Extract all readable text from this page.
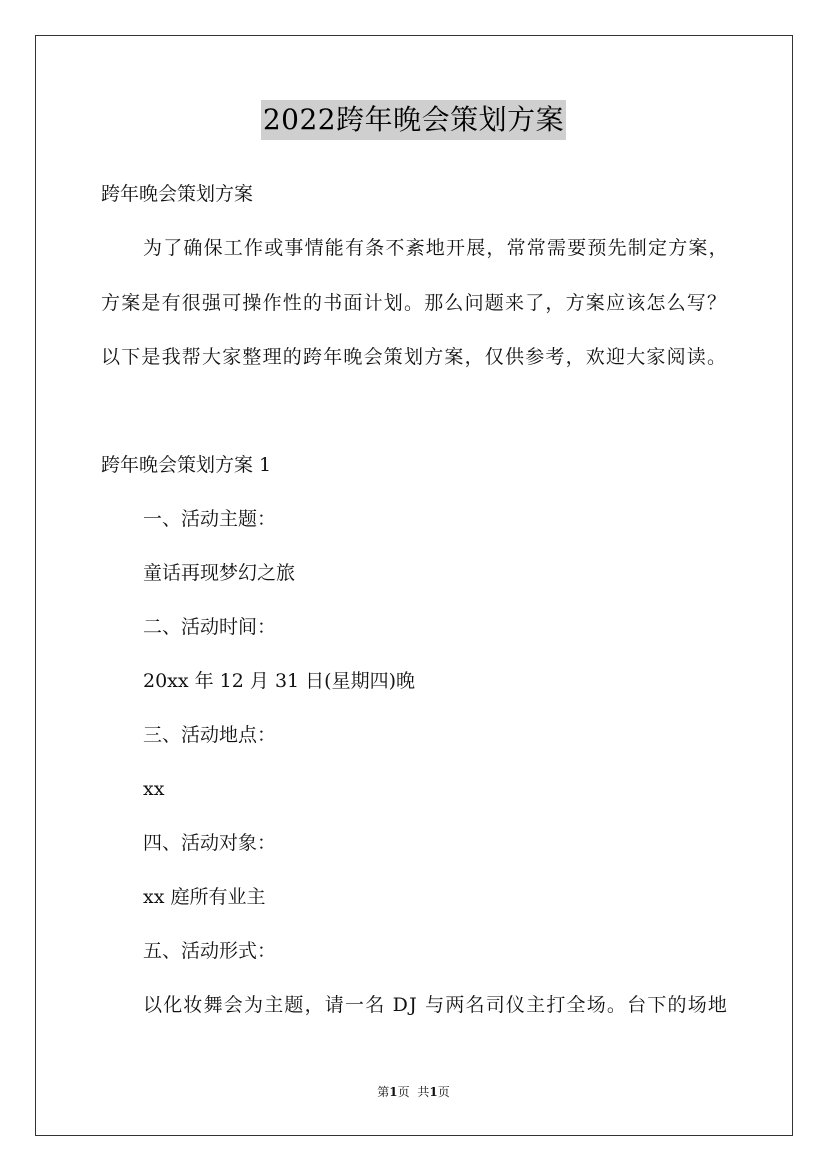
2022跨年晚会策划方案
跨年晚会策划方案
为了确保工作或事情能有条不紊地开展，常常需要预先制定方案，
方案是有很强可操作性的书面计划。那么问题来了，方案应该怎么写？
以下是我帮大家整理的跨年晚会策划方案，仅供参考，欢迎大家阅读。
跨年晚会策划方案 1
一、活动主题：
童话再现梦幻之旅
二、活动时间：
20xx 年 12 月 31 日(星期四)晚
三、活动地点：
xx
四、活动对象：
xx 庭所有业主
五、活动形式：
以化妆舞会为主题，请一名 DJ 与两名司仪主打全场。台下的场地
第1页 共1页
